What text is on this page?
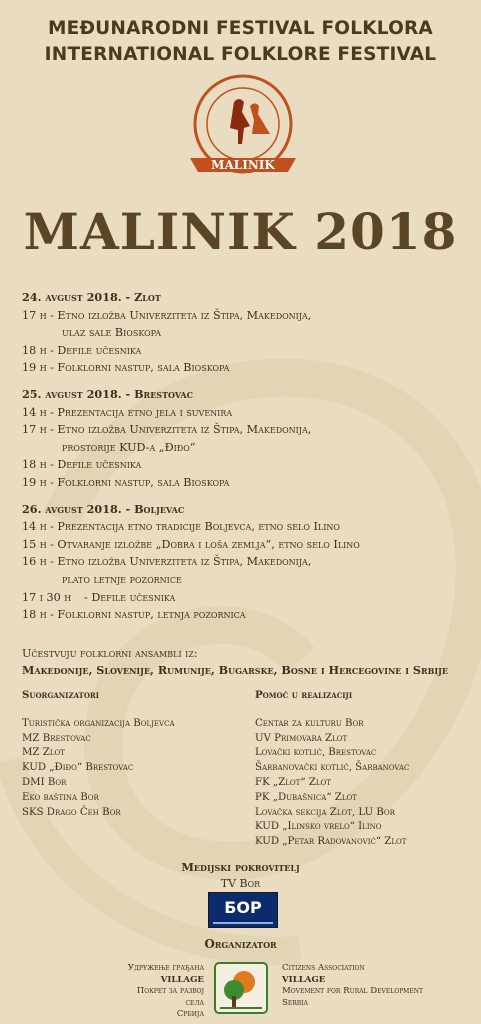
MEĐUNARODNI FESTIVAL FOLKLORA
INTERNATIONAL FOLKLORE FESTIVAL
MALINIK
MALINIK 2018
24. avgust 2018. - Zlot
17 h - Etno izložba Univerziteta iz Štipa, Makedonija,
ulaz sale Bioskopa
18 h - Defile učesnika
19 h - Folklorni nastup, sala Bioskopa
25. avgust 2018. - Brestovac
14 h - Prezentacija etno jela i suvenira
17 h - Etno izložba Univerziteta iz Štipa, Makedonija,
prostorije KUD-a „Điđo“
18 h - Defile učesnika
19 h - Folklorni nastup, sala Bioskopa
26. avgust 2018. - Boljevac
14 h - Prezentacija etno tradicije Boljevca, etno selo Ilino
15 h - Otvaranje izložbe „Dobra i loša zemlja“, etno selo Ilino
16 h - Etno izložba Univerziteta iz Štipa, Makedonija,
plato letnje pozornice
17 i 30 h	- Defile učesnika
18 h - Folklorni nastup, letnja pozornica
Učestvuju folklorni ansambli iz:
Makedonije, Slovenije, Rumunije, Bugarske, Bosne i Hercegovine i Srbije
Suorganizatori
Turistička organizacija Boljevca
MZ Brestovac
MZ Zlot
KUD „Điđo“ Brestovac
DMI Bor
Eko baština Bor
SKS Drago Čeh Bor
Pomoć u realizaciji
Centar za kulturu Bor
UV Primovara Zlot
Lovački kotlić, Brestovac
Šarbanovački kotlić, Šarbanovac
FK „Zlot“ Zlot
PK „Dubašnica“ Zlot
Lovačka sekcija Zlot, LU Bor
KUD „Ilinsko vrelo“ Ilino
KUD „Petar Radovanović“ Zlot
Medijski pokrovitelj
TV Bor
БОР
Organizator
Удружење грађана
VILLAGE
Покрет за развој села
Србија
Citizens Association
VILLAGE
Movement for Rural Development
Serbia
